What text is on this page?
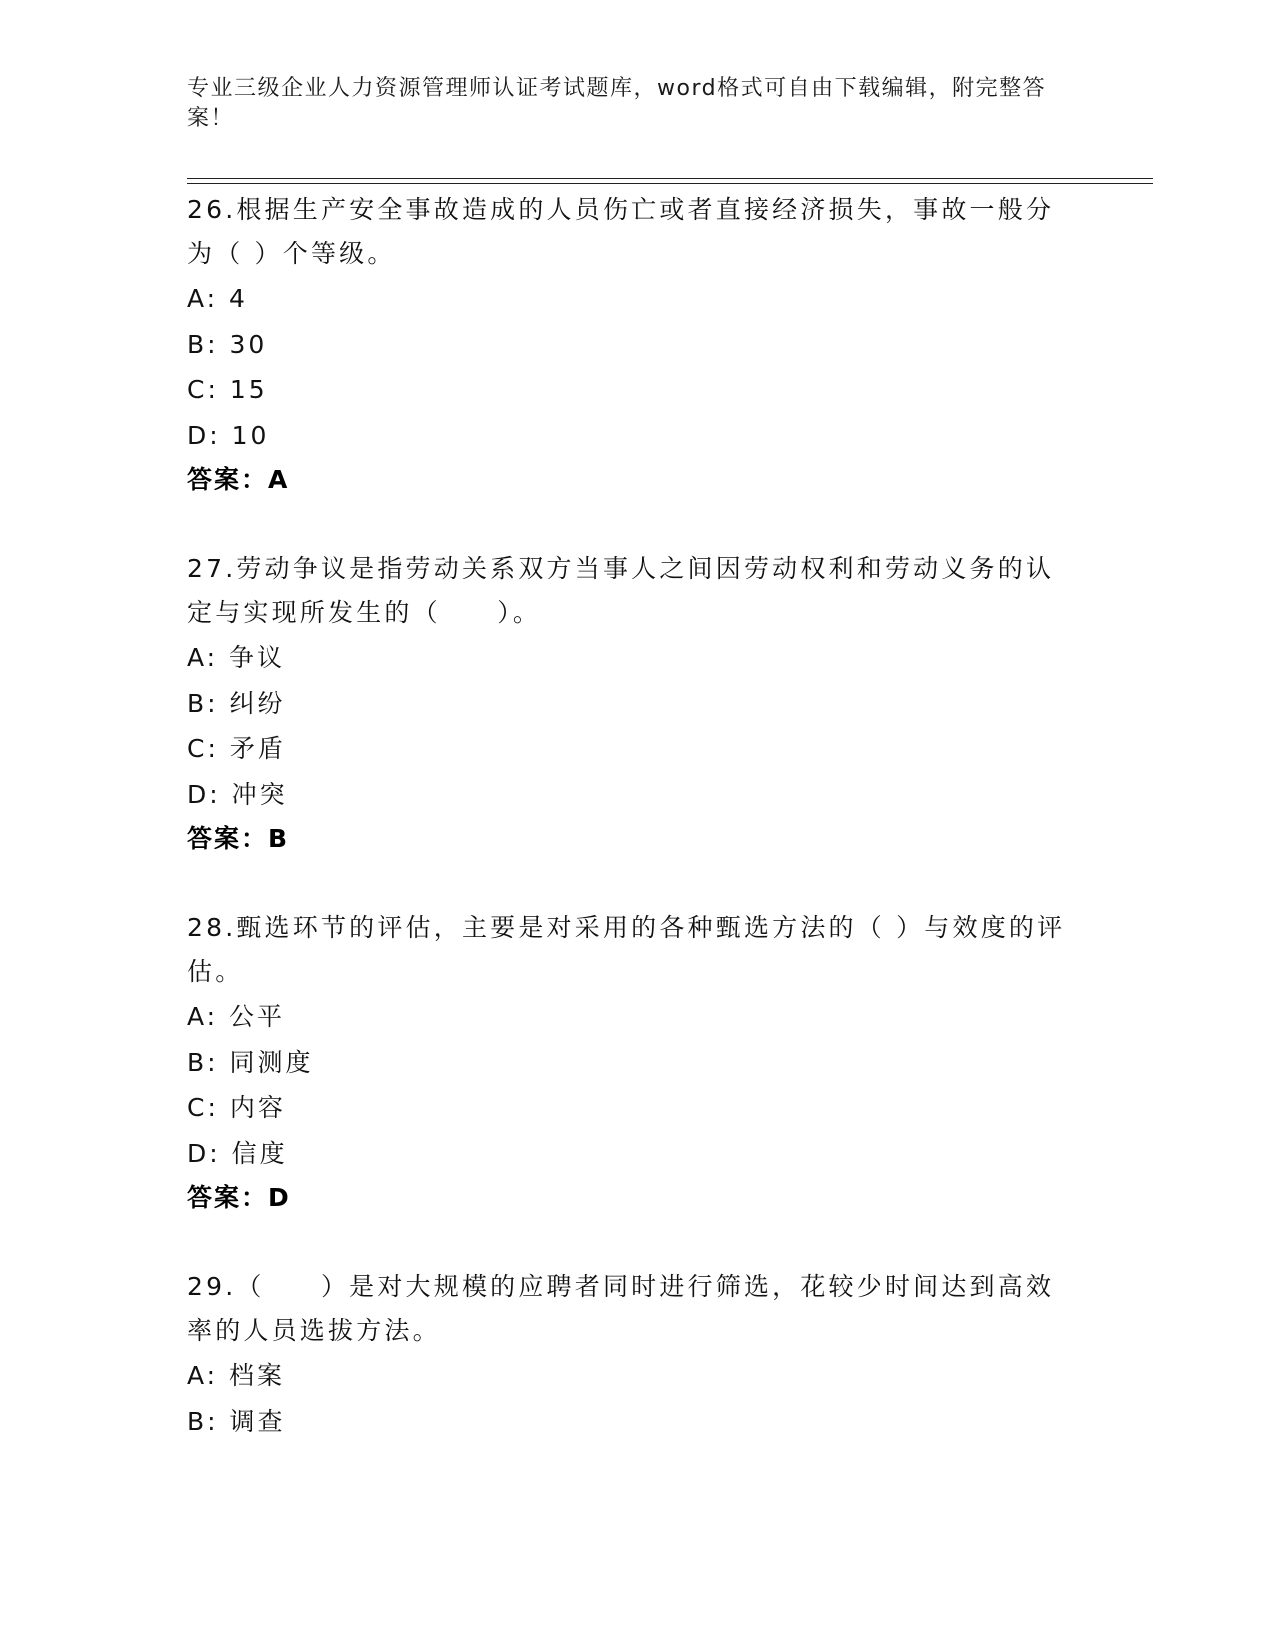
专业三级企业人力资源管理师认证考试题库，word格式可自由下载编辑，附完整答案！

26.根据生产安全事故造成的人员伤亡或者直接经济损失，事故一般分为（ ）个等级。

A: 4

B: 30

C: 15

D: 10

答案：A

27.劳动争议是指劳动关系双方当事人之间因劳动权利和劳动义务的认定与实现所发生的（　　）。

A: 争议

B: 纠纷

C: 矛盾

D: 冲突

答案：B

28.甄选环节的评估，主要是对采用的各种甄选方法的（ ）与效度的评估。

A: 公平

B: 同测度

C: 内容

D: 信度

答案：D

29.（　　）是对大规模的应聘者同时进行筛选，花较少时间达到高效率的人员选拔方法。

A: 档案

B: 调查
